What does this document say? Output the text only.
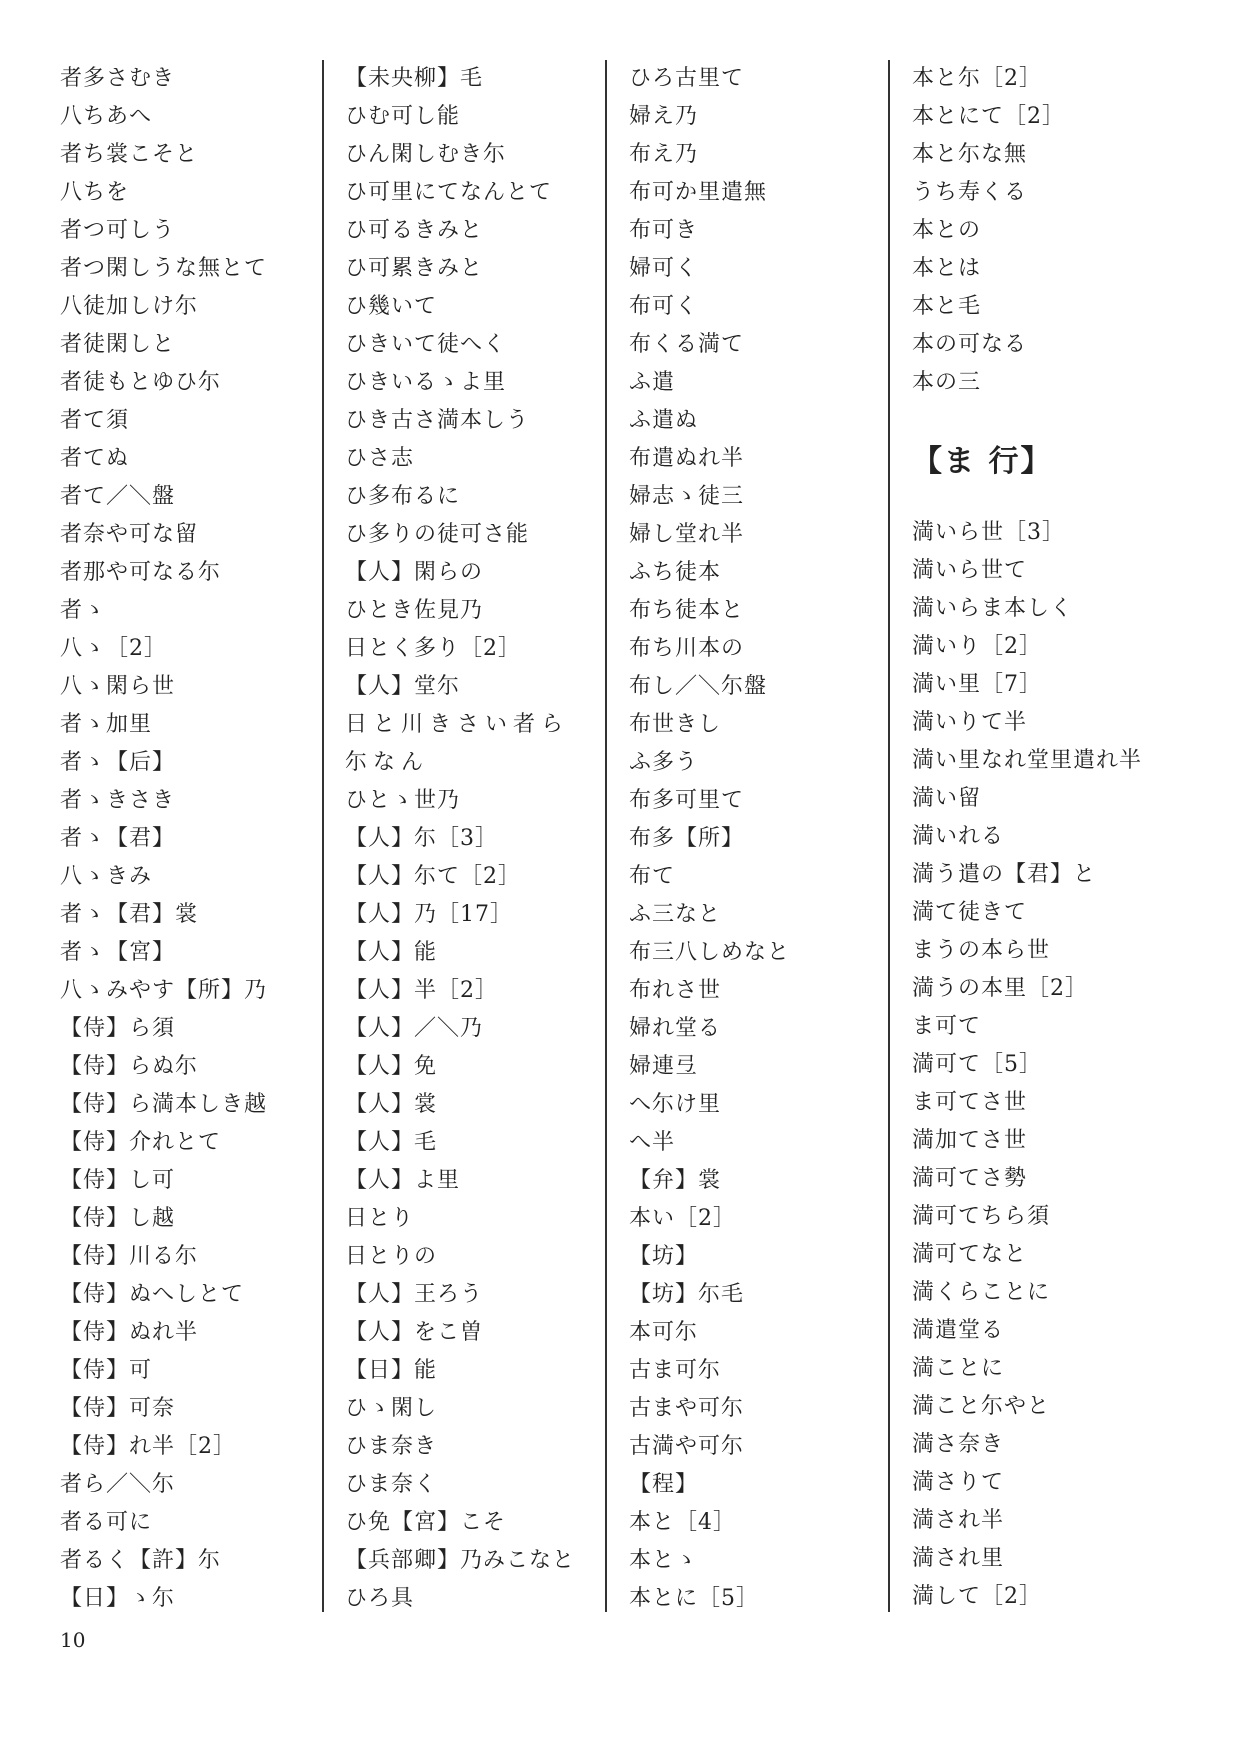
者多さむき
八ちあへ
者ち裳こそと
八ちを
者つ可しう
者つ閑しうな無とて
八徒加しけ尓
者徒閑しと
者徒もとゆひ尓
者て須
者てぬ
者て／＼盤
者奈や可な留
者那や可なる尓
者ゝ
八ゝ［2］
八ゝ閑ら世
者ゝ加里
者ゝ【后】
者ゝきさき
者ゝ【君】
八ゝきみ
者ゝ【君】裳
者ゝ【宮】
八ゝみやす【所】乃
【侍】ら須
【侍】らぬ尓
【侍】ら満本しき越
【侍】介れとて
【侍】し可
【侍】し越
【侍】川る尓
【侍】ぬへしとて
【侍】ぬれ半
【侍】可
【侍】可奈
【侍】れ半［2］
者ら／＼尓
者る可に
者るく【許】尓
【日】ゝ尓
【未央柳】毛
ひむ可し能
ひん閑しむき尓
ひ可里にてなんとて
ひ可るきみと
ひ可累きみと
ひ幾いて
ひきいて徒へく
ひきいるゝよ里
ひき古さ満本しう
ひさ志
ひ多布るに
ひ多りの徒可さ能
【人】閑らの
ひとき佐見乃
日とく多り［2］
【人】堂尓
日と川きさい者ら尓なん
ひとゝ世乃
【人】尓［3］
【人】尓て［2］
【人】乃［17］
【人】能
【人】半［2］
【人】／＼乃
【人】免
【人】裳
【人】毛
【人】よ里
日とり
日とりの
【人】王ろう
【人】をこ曽
【日】能
ひゝ閑し
ひま奈き
ひま奈く
ひ免【宮】こそ
【兵部卿】乃みこなと
ひろ具
ひろ古里て
婦え乃
布え乃
布可か里遣無
布可き
婦可く
布可く
布くる満て
ふ遣
ふ遣ぬ
布遣ぬれ半
婦志ゝ徒三
婦し堂れ半
ふち徒本
布ち徒本と
布ち川本の
布し／＼尓盤
布世きし
ふ多う
布多可里て
布多【所】
布て
ふ三なと
布三八しめなと
布れさ世
婦れ堂る
婦連弖
へ尓け里
へ半
【弁】裳
本い［2］
【坊】
【坊】尓毛
本可尓
古ま可尓
古まや可尓
古満や可尓
【程】
本と［4］
本とゝ
本とに［5］
本と尓［2］
本とにて［2］
本と尓な無
うち寿くる
本との
本とは
本と毛
本の可なる
本の三
【ま 行】
満いら世［3］
満いら世て
満いらま本しく
満いり［2］
満い里［7］
満いりて半
満い里なれ堂里遣れ半
満い留
満いれる
満う遣の【君】と
満て徒きて
まうの本ら世
満うの本里［2］
ま可て
満可て［5］
ま可てさ世
満加てさ世
満可てさ勢
満可てちら須
満可てなと
満くらことに
満遣堂る
満ことに
満こと尓やと
満さ奈き
満さりて
満され半
満され里
満して［2］
10
